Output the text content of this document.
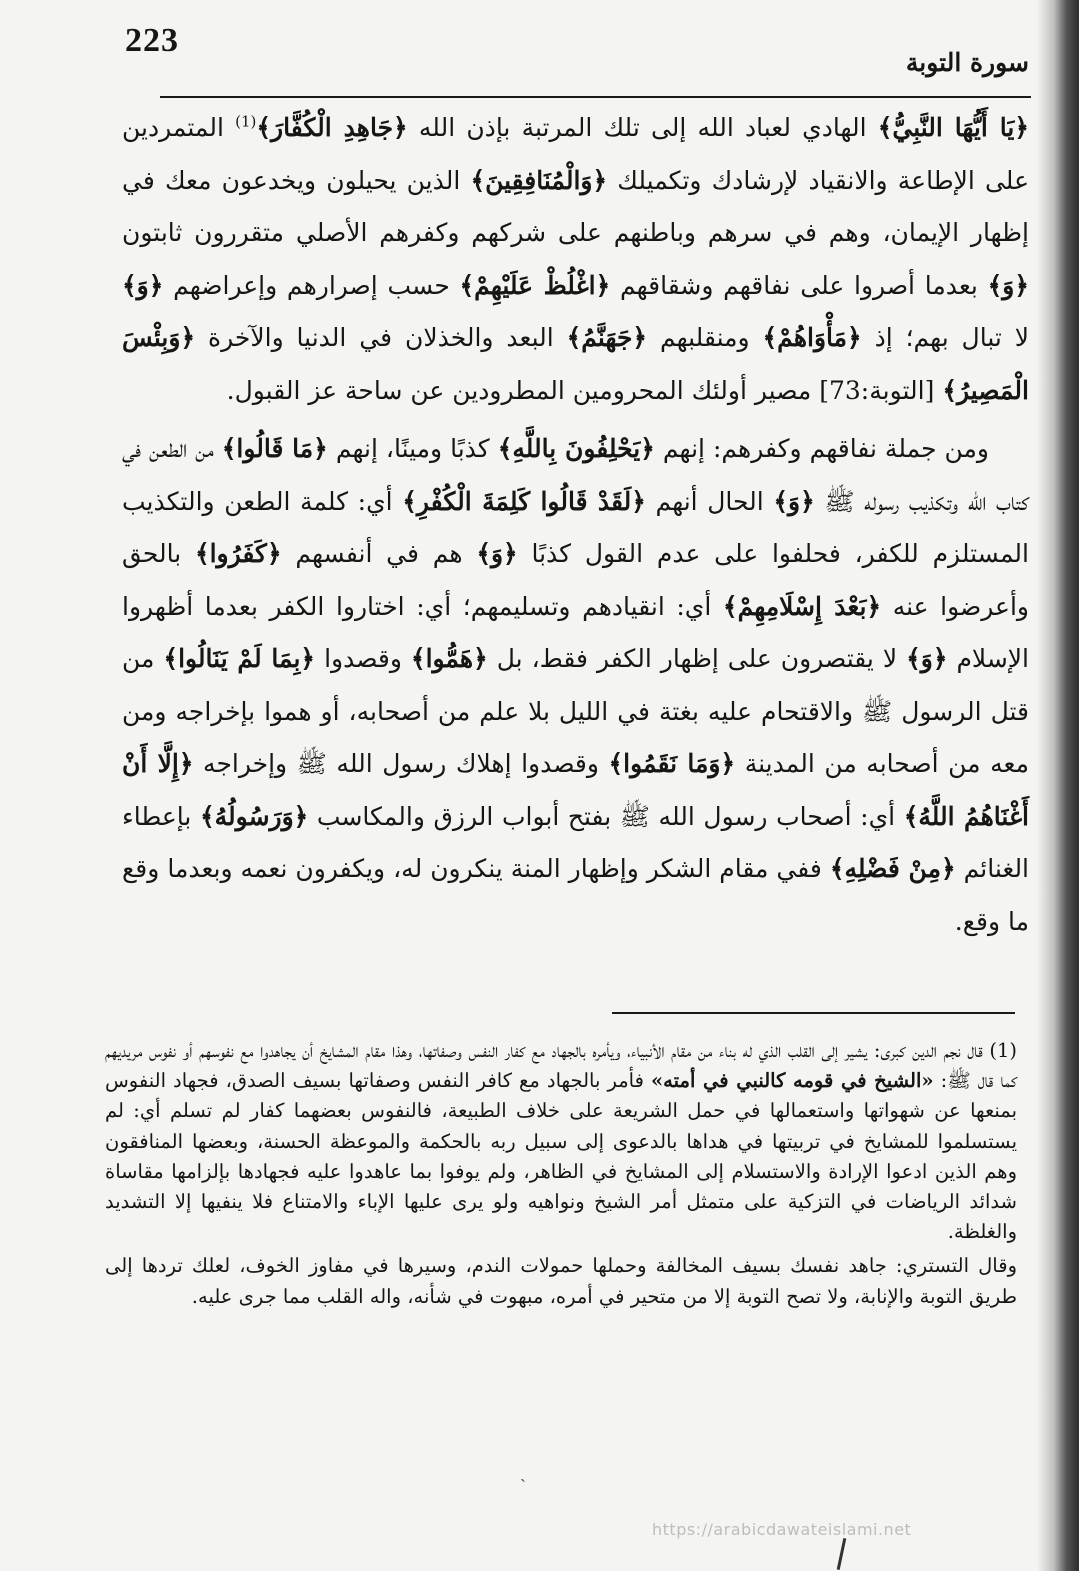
223
سورة التوبة

﴿يَا أَيُّهَا النَّبِيُّ﴾ الهادي لعباد الله إلى تلك المرتبة بإذن الله ﴿جَاهِدِ الْكُفَّارَ﴾$^{(1)}$ المتمردين على الإطاعة والانقياد لإرشادك وتكميلك ﴿وَالْمُنَافِقِينَ﴾ الذين يحيلون ويخدعون معك في إظهار الإيمان، وهم في سرهم وباطنهم على شركهم وكفرهم الأصلي متقررون ثابتون ﴿وَ﴾ بعدما أصروا على نفاقهم وشقاقهم ﴿اغْلُظْ عَلَيْهِمْ﴾ حسب إصرارهم وإعراضهم ﴿وَ﴾ لا تبال بهم؛ إذ ﴿مَأْوَاهُمْ﴾ ومنقلبهم ﴿جَهَنَّمُ﴾ البعد والخذلان في الدنيا والآخرة ﴿وَبِئْسَ الْمَصِيرُ﴾ [التوبة:73] مصير أولئك المحرومين المطرودين عن ساحة عز القبول.

ومن جملة نفاقهم وكفرهم: إنهم ﴿يَحْلِفُونَ بِاللَّهِ﴾ كذبًا ومينًا، إنهم ﴿مَا قَالُوا﴾ من الطعن في كتاب الله وتكذيب رسوله ﷺ ﴿وَ﴾ الحال أنهم ﴿لَقَدْ قَالُوا كَلِمَةَ الْكُفْرِ﴾ أي: كلمة الطعن والتكذيب المستلزم للكفر، فحلفوا على عدم القول كذبًا ﴿وَ﴾ هم في أنفسهم ﴿كَفَرُوا﴾ بالحق وأعرضوا عنه ﴿بَعْدَ إِسْلَامِهِمْ﴾ أي: انقيادهم وتسليمهم؛ أي: اختاروا الكفر بعدما أظهروا الإسلام ﴿وَ﴾ لا يقتصرون على إظهار الكفر فقط، بل ﴿هَمُّوا﴾ وقصدوا ﴿بِمَا لَمْ يَنَالُوا﴾ من قتل الرسول ﷺ والاقتحام عليه بغتة في الليل بلا علم من أصحابه، أو هموا بإخراجه ومن معه من أصحابه من المدينة ﴿وَمَا نَقَمُوا﴾ وقصدوا إهلاك رسول الله ﷺ وإخراجه ﴿إِلَّا أَنْ أَغْنَاهُمُ اللَّهُ﴾ أي: أصحاب رسول الله ﷺ بفتح أبواب الرزق والمكاسب ﴿وَرَسُولُهُ﴾ بإعطاء الغنائم ﴿مِنْ فَضْلِهِ﴾ ففي مقام الشكر وإظهار المنة ينكرون له، ويكفرون نعمه وبعدما وقع ما وقع.

(1) قال نجم الدين كبرى: يشير إلى القلب الذي له بناء من مقام الأنبياء، ويأمره بالجهاد مع كفار النفس وصفاتها، وهذا مقام المشايخ أن يجاهدوا مع نفوسهم أو نفوس مريديهم كما قال ﷺ: «الشيخ في قومه كالنبي في أمته» فأمر بالجهاد مع كافر النفس وصفاتها بسيف الصدق، فجهاد النفوس بمنعها عن شهواتها واستعمالها في حمل الشريعة على خلاف الطبيعة، فالنفوس بعضهما كفار لم تسلم أي: لم يستسلموا للمشايخ في تربيتها في هداها بالدعوى إلى سبيل ربه بالحكمة والموعظة الحسنة، وبعضها المنافقون وهم الذين ادعوا الإرادة والاستسلام إلى المشايخ في الظاهر، ولم يوفوا بما عاهدوا عليه فجهادها بإلزامها مقاساة شدائد الرياضات في التزكية على متمثل أمر الشيخ ونواهيه ولو يرى عليها الإباء والامتناع فلا ينفيها إلا التشديد والغلظة.

وقال التستري: جاهد نفسك بسيف المخالفة وحملها حمولات الندم، وسيرها في مفاوز الخوف، لعلك تردها إلى طريق التوبة والإنابة، ولا تصح التوبة إلا من متحير في أمره، مبهوت في شأنه، واله القلب مما جرى عليه.

ˎ
https://arabicdawateislami.net
